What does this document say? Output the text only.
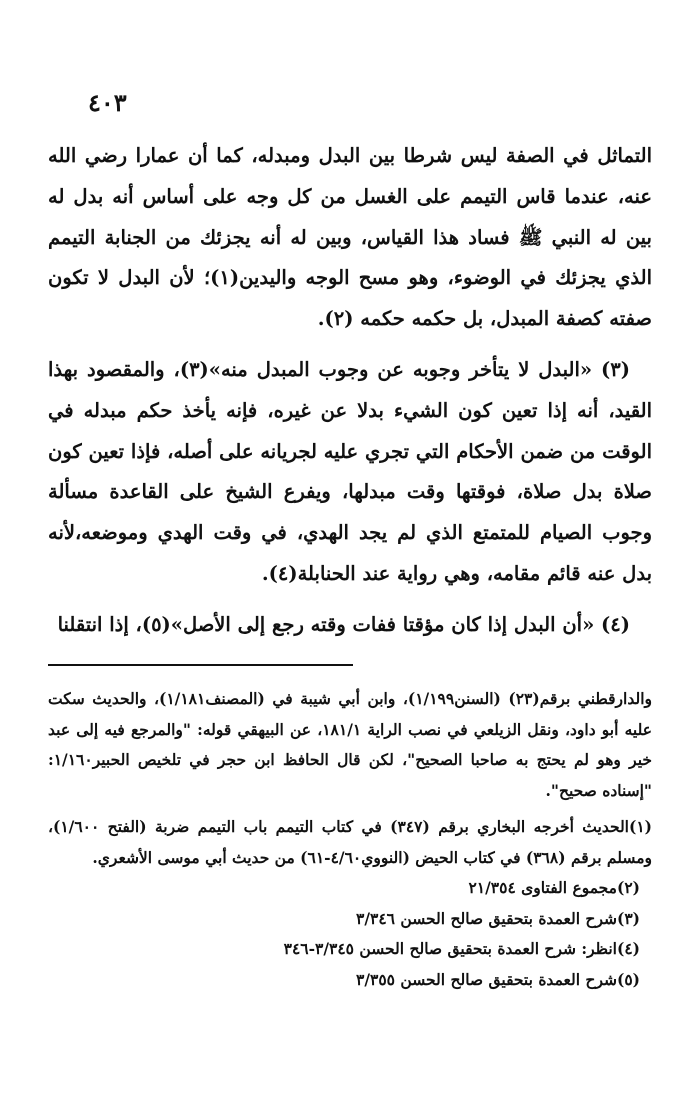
٤٠٣

التماثل في الصفة ليس شرطا بين البدل ومبدله، كما أن عمارا رضي الله عنه، عندما قاس التيمم على الغسل من كل وجه على أساس أنه بدل له بين له النبي ﷺ فساد هذا القياس، وبين له أنه يجزئك من الجنابة التيمم الذي يجزئك في الوضوء، وهو مسح الوجه واليدين(١)؛ لأن البدل لا تكون صفته كصفة المبدل، بل حكمه حكمه (٢).

(٣) «البدل لا يتأخر وجوبه عن وجوب المبدل منه»(٣)، والمقصود بهذا القيد، أنه إذا تعين كون الشيء بدلا عن غيره، فإنه يأخذ حكم مبدله في الوقت من ضمن الأحكام التي تجري عليه لجريانه على أصله، فإذا تعين كون صلاة بدل صلاة، فوقتها وقت مبدلها، ويفرع الشيخ على القاعدة مسألة وجوب الصيام للمتمتع الذي لم يجد الهدي، في وقت الهدي وموضعه،لأنه بدل عنه قائم مقامه، وهي رواية عند الحنابلة(٤).

(٤) «أن البدل إذا كان مؤقتا ففات وقته رجع إلى الأصل»(٥)، إذا انتقلنا

والدارقطني برقم(٢٣) (السنن١/١٩٩)، وابن أبي شيبة في (المصنف١/١٨١)، والحديث سكت عليه أبو داود، ونقل الزيلعي في نصب الراية ١٨١/١، عن البيهقي قوله: "والمرجع فيه إلى عبد خير وهو لم يحتج به صاحبا الصحيح"، لكن قال الحافظ ابن حجر في تلخيص الحبير١/١٦٠: "إسناده صحيح".

(١)الحديث أخرجه البخاري برقم (٣٤٧) في كتاب التيمم باب التيمم ضربة (الفتح ١/٦٠٠)، ومسلم برقم (٣٦٨) في كتاب الحيض (النووي٤/٦٠-٦١) من حديث أبي موسى الأشعري.

(٢)مجموع الفتاوى ٢١/٣٥٤

(٣)شرح العمدة بتحقيق صالح الحسن ٣/٣٤٦

(٤)انظر: شرح العمدة بتحقيق صالح الحسن ٣/٣٤٥-٣٤٦

(٥)شرح العمدة بتحقيق صالح الحسن ٣/٣٥٥
